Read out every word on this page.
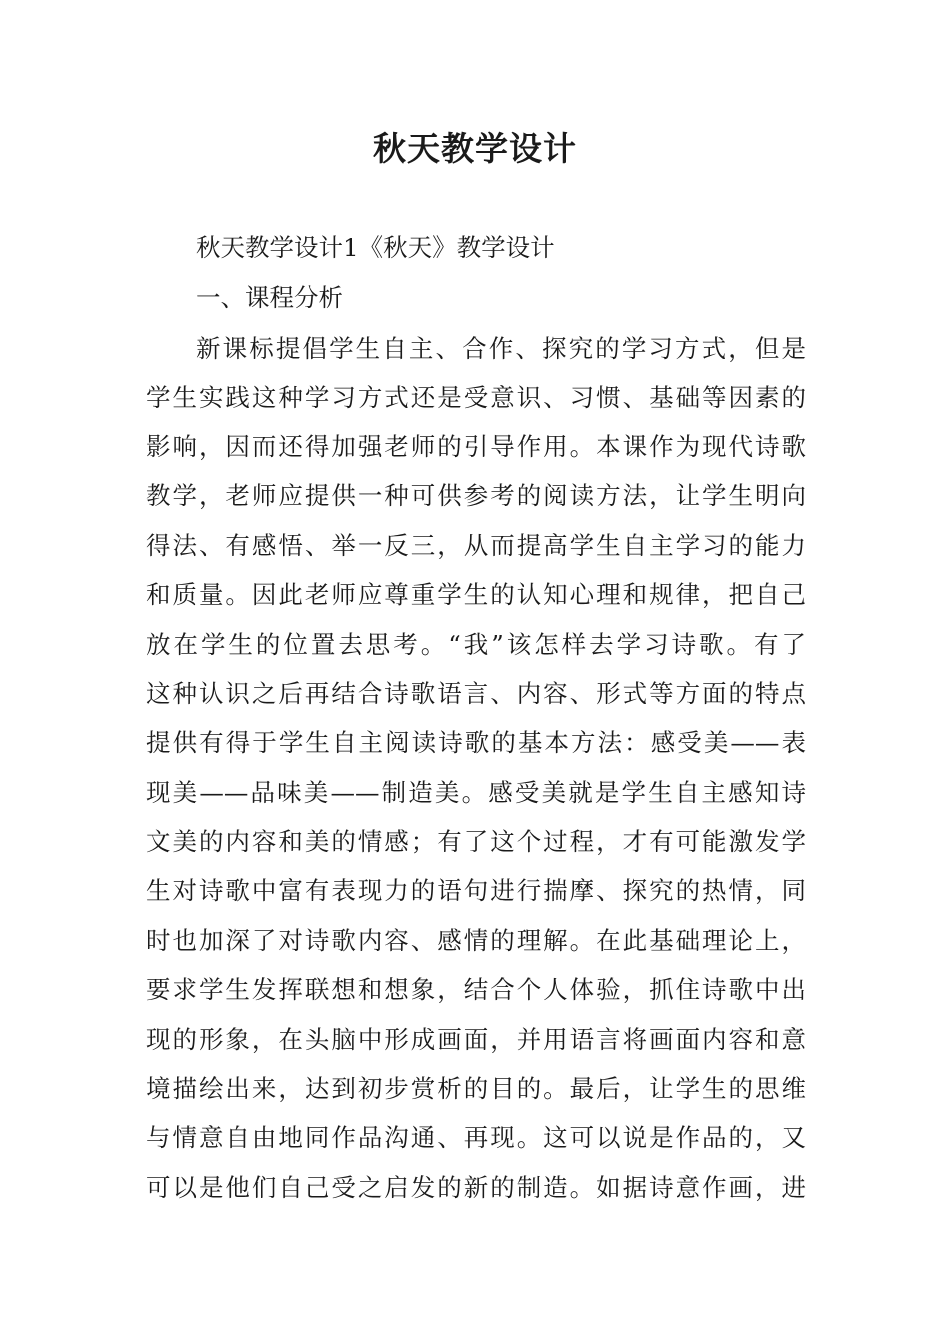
秋天教学设计

秋天教学设计1《秋天》教学设计

一、课程分析

新课标提倡学生自主、合作、探究的学习方式，但是

学生实践这种学习方式还是受意识、习惯、基础等因素的

影响，因而还得加强老师的引导作用。本课作为现代诗歌

教学，老师应提供一种可供参考的阅读方法，让学生明向

得法、有感悟、举一反三，从而提高学生自主学习的能力

和质量。因此老师应尊重学生的认知心理和规律，把自己

放在学生的位置去思考。“我”该怎样去学习诗歌。有了

这种认识之后再结合诗歌语言、内容、形式等方面的特点

提供有得于学生自主阅读诗歌的基本方法：感受美——表

现美——品味美——制造美。感受美就是学生自主感知诗

文美的内容和美的情感；有了这个过程，才有可能激发学

生对诗歌中富有表现力的语句进行揣摩、探究的热情，同

时也加深了对诗歌内容、感情的理解。在此基础理论上，

要求学生发挥联想和想象，结合个人体验，抓住诗歌中出

现的形象，在头脑中形成画面，并用语言将画面内容和意

境描绘出来，达到初步赏析的目的。最后，让学生的思维

与情意自由地同作品沟通、再现。这可以说是作品的，又

可以是他们自己受之启发的新的制造。如据诗意作画，进
